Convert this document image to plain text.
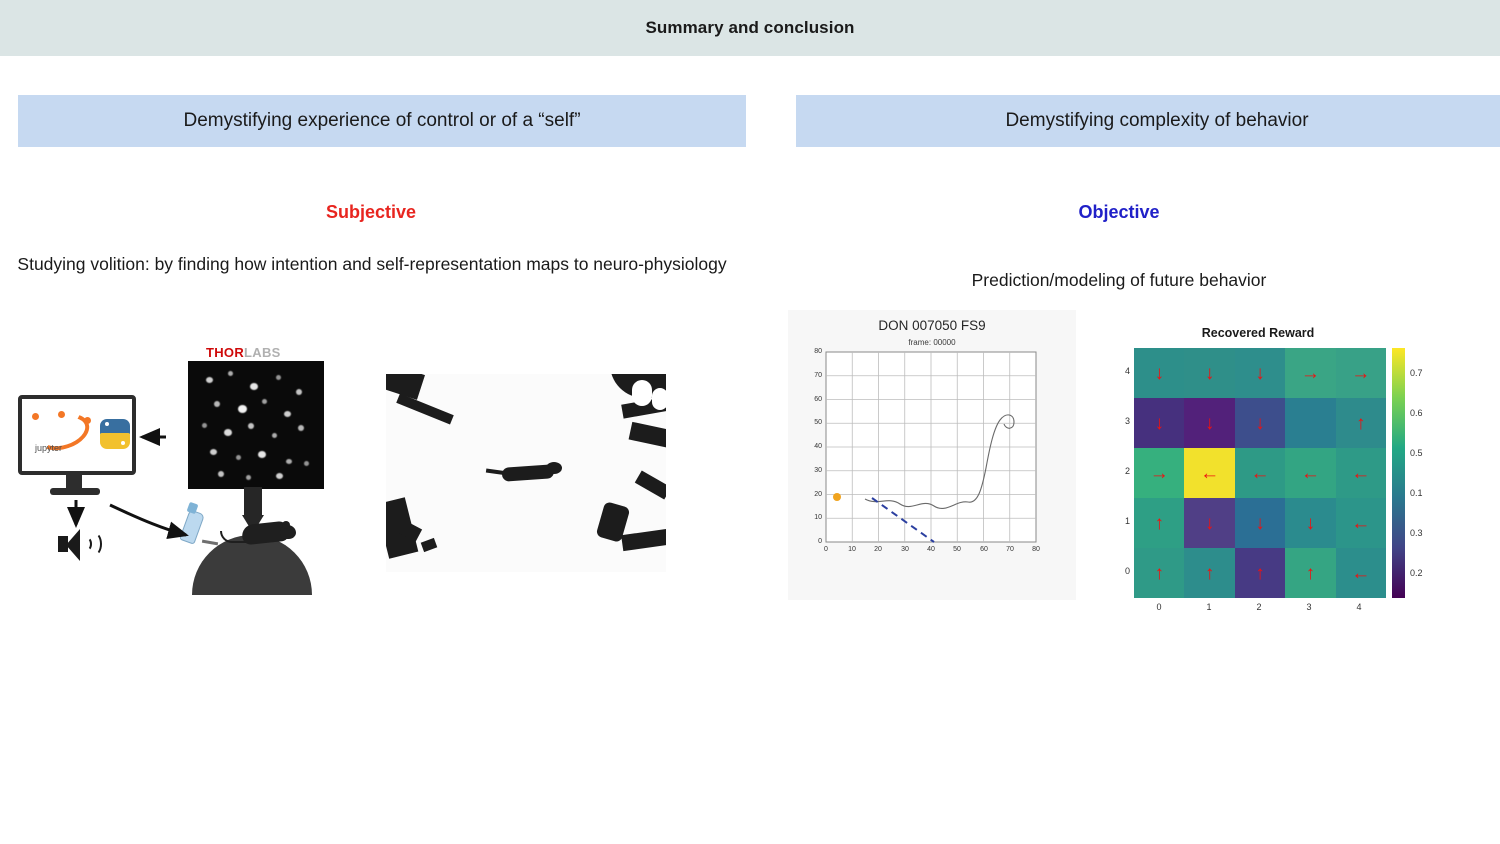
Summary and conclusion
Demystifying experience of control or of a “self”	Demystifying complexity of behavior
Subjective	Objective
Studying volition: by finding how intention and self-representation maps to neuro-physiology
Prediction/modeling of future behavior
jupyter
THORLABS
DON 007050 FS9
frame: 00000
0	10	20	30	40	50	60	70	80
0
10
20
30
40
50
60
70
80
Recovered Reward
↓ ↓ ↓ → →
↓ ↓ ↓	↑
→ ← ← ← ←
↑ ↓ ↓ ↓ ←
↑ ↑ ↑ ↑ ←
4
3
2
1
0
0	1	2	3	4
0.7
0.6
0.5
0.1
0.3
0.2
